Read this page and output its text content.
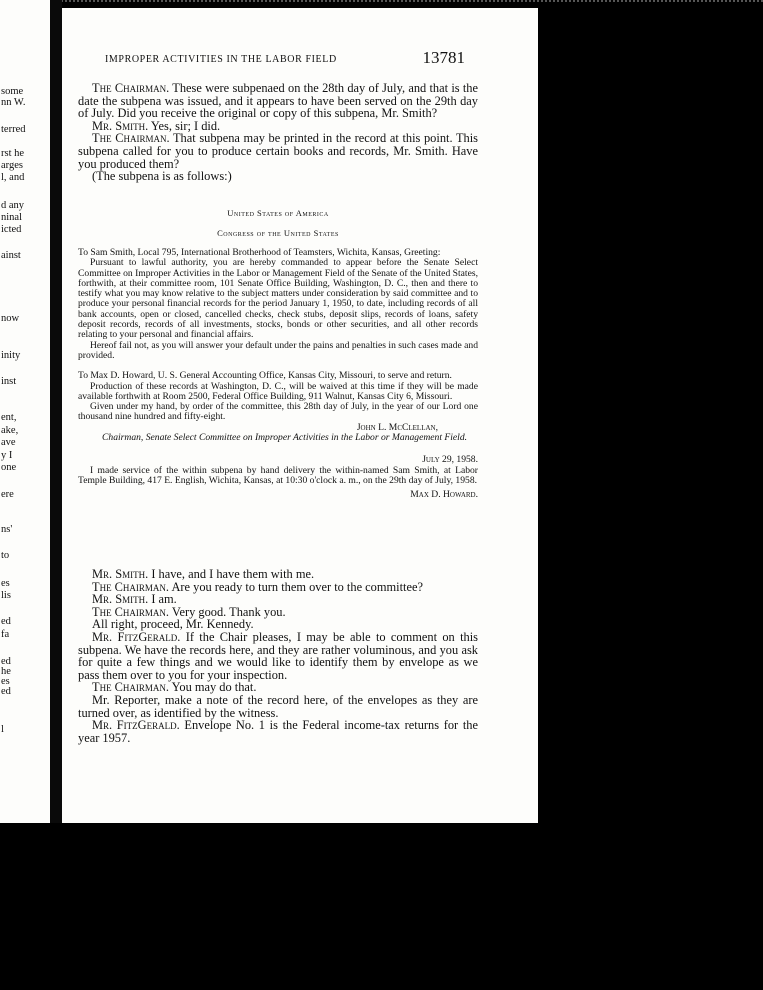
some
nn W.
terred
rst he
arges
l, and
d any
ninal
icted
ainst
now
inity
inst
ent,
ake,
ave
y I
one
ere
ns'
to
es
lis
ed
fa
ed
he
es
ed
l
IMPROPER ACTIVITIES IN THE LABOR FIELD	13781

The Chairman. These were subpenaed on the 28th day of July, and that is the date the subpena was issued, and it appears to have been served on the 29th day of July. Did you receive the original or copy of this subpena, Mr. Smith?

Mr. Smith. Yes, sir; I did.

The Chairman. That subpena may be printed in the record at this point. This subpena called for you to produce certain books and records, Mr. Smith. Have you produced them?

(The subpena is as follows:)

United States of America
Congress of the United States

To Sam Smith, Local 795, International Brotherhood of Teamsters, Wichita, Kansas, Greeting:

Pursuant to lawful authority, you are hereby commanded to appear before the Senate Select Committee on Improper Activities in the Labor or Management Field of the Senate of the United States, forthwith, at their committee room, 101 Senate Office Building, Washington, D. C., then and there to testify what you may know relative to the subject matters under consideration by said committee and to produce your personal financial records for the period January 1, 1950, to date, including records of all bank accounts, open or closed, cancelled checks, check stubs, deposit slips, records of loans, safety deposit records, records of all investments, stocks, bonds or other securities, and all other records relating to your personal and financial affairs.

Hereof fail not, as you will answer your default under the pains and penalties in such cases made and provided.

To Max D. Howard, U. S. General Accounting Office, Kansas City, Missouri, to serve and return.

Production of these records at Washington, D. C., will be waived at this time if they will be made available forthwith at Room 2500, Federal Office Building, 911 Walnut, Kansas City 6, Missouri.

Given under my hand, by order of the committee, this 28th day of July, in the year of our Lord one thousand nine hundred and fifty-eight.

John L. McClellan,

Chairman, Senate Select Committee on Improper Activities in the Labor or Management Field.

July 29, 1958.

I made service of the within subpena by hand delivery the within-named Sam Smith, at Labor Temple Building, 417 E. English, Wichita, Kansas, at 10:30 o'clock a. m., on the 29th day of July, 1958.

Max D. Howard.

Mr. Smith. I have, and I have them with me.

The Chairman. Are you ready to turn them over to the committee?

Mr. Smith. I am.

The Chairman. Very good. Thank you.

All right, proceed, Mr. Kennedy.

Mr. FitzGerald. If the Chair pleases, I may be able to comment on this subpena. We have the records here, and they are rather voluminous, and you ask for quite a few things and we would like to identify them by envelope as we pass them over to you for your inspection.

The Chairman. You may do that.

Mr. Reporter, make a note of the record here, of the envelopes as they are turned over, as identified by the witness.

Mr. FitzGerald. Envelope No. 1 is the Federal income-tax returns for the year 1957.
